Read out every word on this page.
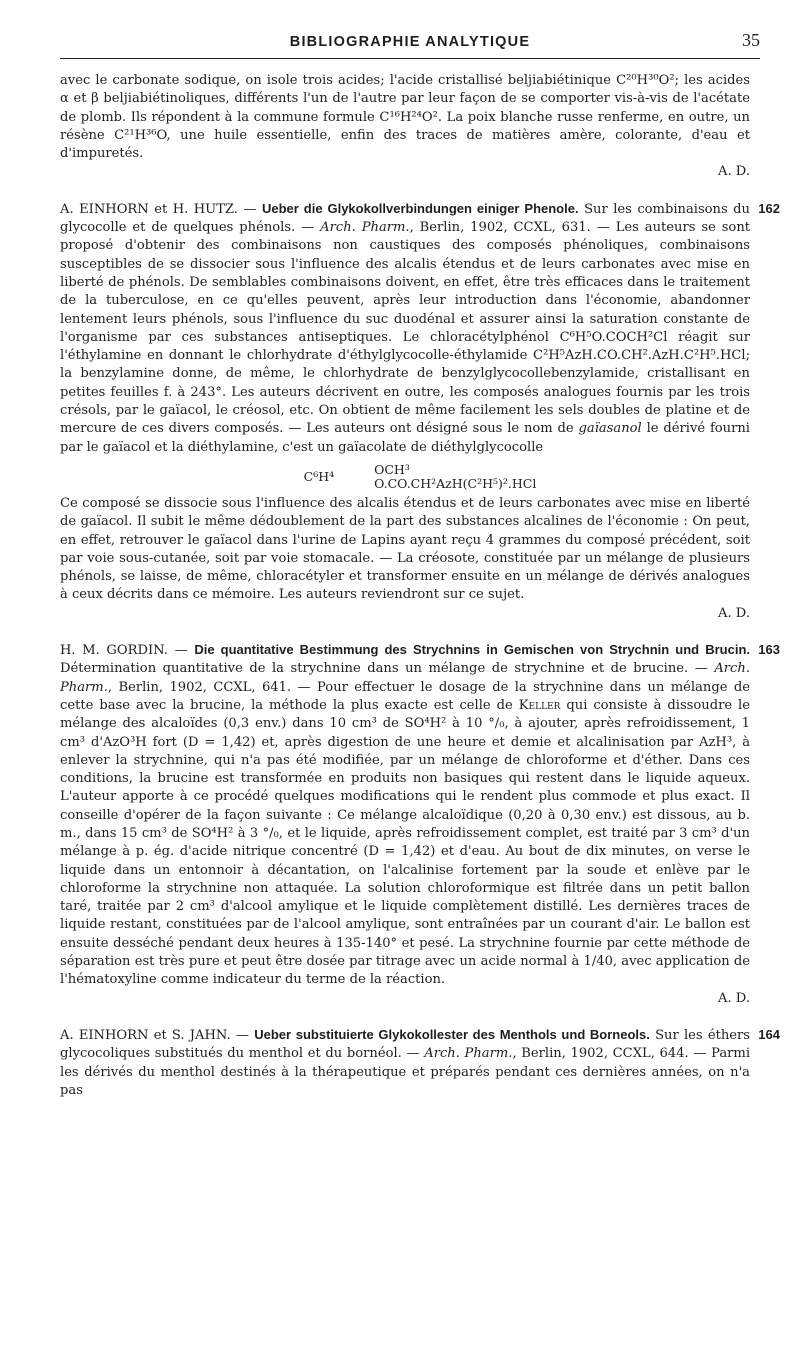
BIBLIOGRAPHIE ANALYTIQUE	35

avec le carbonate sodique, on isole trois acides; l'acide cristallisé beljiabiétinique C²⁰H³⁰O²; les acides α et β beljiabiétinoliques, différents l'un de l'autre par leur façon de se comporter vis-à-vis de l'acétate de plomb. Ils répondent à la commune formule C¹⁶H²⁴O². La poix blanche russe renferme, en outre, un résène C²¹H³⁶O, une huile essentielle, enfin des traces de matières amère, colorante, d'eau et d'impuretés.

A. D.

162

A. EINHORN et H. HUTZ. — Ueber die Glykokollverbindungen einiger Phenole. Sur les combinaisons du glycocolle et de quelques phénols. — Arch. Pharm., Berlin, 1902, CCXL, 631. — Les auteurs se sont proposé d'obtenir des combinaisons non caustiques des composés phénoliques, combinaisons susceptibles de se dissocier sous l'influence des alcalis étendus et de leurs carbonates avec mise en liberté de phénols. De semblables combinaisons doivent, en effet, être très efficaces dans le traitement de la tuberculose, en ce qu'elles peuvent, après leur introduction dans l'économie, abandonner lentement leurs phénols, sous l'influence du suc duodénal et assurer ainsi la saturation constante de l'organisme par ces substances antiseptiques. Le chloracétylphénol C⁶H⁵O.COCH²Cl réagit sur l'éthylamine en donnant le chlorhydrate d'éthylglycocolle-éthylamide C²H⁵AzH.CO.CH².AzH.C²H⁵.HCl; la benzylamine donne, de même, le chlorhydrate de benzylglycocollebenzylamide, cristallisant en petites feuilles f. à 243°. Les auteurs décrivent en outre, les composés analogues fournis par les trois crésols, par le gaïacol, le créosol, etc. On obtient de même facilement les sels doubles de platine et de mercure de ces divers composés. — Les auteurs ont désigné sous le nom de gaïasanol le dérivé fourni par le gaïacol et la diéthylamine, c'est un gaïacolate de diéthylglycocolle

C⁶H⁴	OCH³
O.CO.CH²AzH(C²H⁵)².HCl

Ce composé se dissocie sous l'influence des alcalis étendus et de leurs carbonates avec mise en liberté de gaïacol. Il subit le même dédoublement de la part des substances alcalines de l'économie : On peut, en effet, retrouver le gaïacol dans l'urine de Lapins ayant reçu 4 grammes du composé précédent, soit par voie sous-cutanée, soit par voie stomacale. — La créosote, constituée par un mélange de plusieurs phénols, se laisse, de même, chloracétyler et transformer ensuite en un mélange de dérivés analogues à ceux décrits dans ce mémoire. Les auteurs reviendront sur ce sujet.

A. D.

163

H. M. GORDIN. — Die quantitative Bestimmung des Strychnins in Gemischen von Strychnin und Brucin. Détermination quantitative de la strychnine dans un mélange de strychnine et de brucine. — Arch. Pharm., Berlin, 1902, CCXL, 641. — Pour effectuer le dosage de la strychnine dans un mélange de cette base avec la brucine, la méthode la plus exacte est celle de Keller qui consiste à dissoudre le mélange des alcaloïdes (0,3 env.) dans 10 cm³ de SO⁴H² à 10 °/₀, à ajouter, après refroidissement, 1 cm³ d'AzO³H fort (D = 1,42) et, après digestion de une heure et demie et alcalinisation par AzH³, à enlever la strychnine, qui n'a pas été modifiée, par un mélange de chloroforme et d'éther. Dans ces conditions, la brucine est transformée en produits non basiques qui restent dans le liquide aqueux. L'auteur apporte à ce procédé quelques modifications qui le rendent plus commode et plus exact. Il conseille d'opérer de la façon suivante : Ce mélange alcaloïdique (0,20 à 0,30 env.) est dissous, au b. m., dans 15 cm³ de SO⁴H² à 3 °/₀, et le liquide, après refroidissement complet, est traité par 3 cm³ d'un mélange à p. ég. d'acide nitrique concentré (D = 1,42) et d'eau. Au bout de dix minutes, on verse le liquide dans un entonnoir à décantation, on l'alcalinise fortement par la soude et enlève par le chloroforme la strychnine non attaquée. La solution chloroformique est filtrée dans un petit ballon taré, traitée par 2 cm³ d'alcool amylique et le liquide complètement distillé. Les dernières traces de liquide restant, constituées par de l'alcool amylique, sont entraînées par un courant d'air. Le ballon est ensuite desséché pendant deux heures à 135-140° et pesé. La strychnine fournie par cette méthode de séparation est très pure et peut être dosée par titrage avec un acide normal à 1/40, avec application de l'hématoxyline comme indicateur du terme de la réaction.

A. D.

164

A. EINHORN et S. JAHN. — Ueber substituierte Glykokollester des Menthols und Borneols. Sur les éthers glycocoliques substitués du menthol et du bornéol. — Arch. Pharm., Berlin, 1902, CCXL, 644. — Parmi les dérivés du menthol destinés à la thérapeutique et préparés pendant ces dernières années, on n'a pas
